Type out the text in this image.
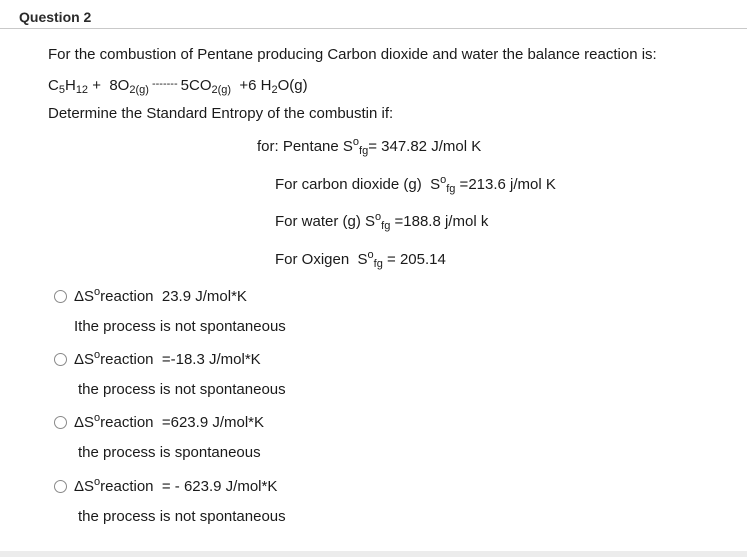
Question 2
For the combustion of Pentane producing Carbon dioxide and water the balance reaction is:
$C_5H_{12} + 8O_{2(g)}$ ------- $5CO_{2(g)} +6$ $H_2O(g)$
Determine the Standard Entropy of the combustin if:
for: Pentane $S^o_{fg}= 347.82$ J/mol K
For carbon dioxide (g)  $S^o_{fg} =213.6$ j/mol K
For water (g) $S^o_{fg} =188.8$ j/mol k
For Oxigen  $S^o_{fg} = 205.14$
$\Delta S^oreaction$  23.9 J/mol*K
Ithe process is not spontaneous
$\Delta S^oreaction =-18.3$ J/mol*K
the process is not spontaneous
$\Delta S^oreaction =623.9$ J/mol*K
the process is spontaneous
$\Delta S^oreaction$  = - 623.9 J/mol*K
the process is not spontaneous
